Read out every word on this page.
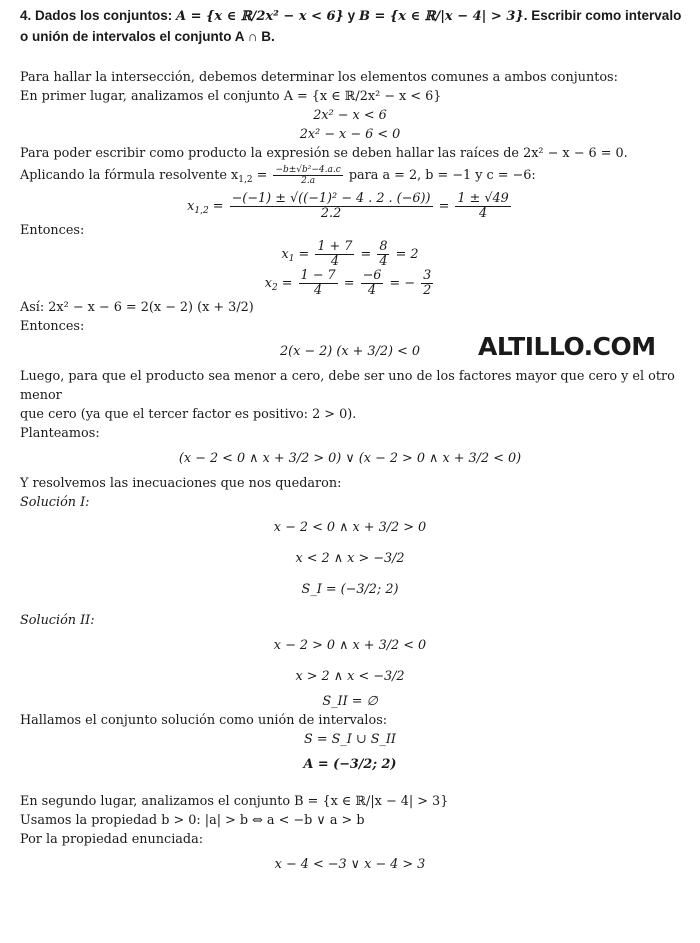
4. Dados los conjuntos: A = {x ∈ ℝ/2x² − x < 6} y B = {x ∈ ℝ/|x − 4| > 3}. Escribir como intervalo
o unión de intervalos el conjunto A ∩ B.
ALTILLO.COM

Para hallar la intersección, debemos determinar los elementos comunes a ambos conjuntos:

En primer lugar, analizamos el conjunto A = {x ∈ ℝ/2x² − x < 6}

2x² − x < 6

2x² − x − 6 < 0

Para poder escribir como producto la expresión se deben hallar las raíces de 2x² − x − 6 = 0.

Aplicando la fórmula resolvente $x_{1,2} = \frac{\text{−b±√b²−4.a.c}}{2.a}$ para a = 2, b = −1 y c = −6:

$x_{1,2} = \frac{\text{−(−1) ± √((−1)² − 4 . 2 . (−6))}}{2.2} = \frac{1 \pm √49}{4}$

Entonces:

$x_1 = \frac{1 + 7}{4} = \frac{8}{4} = 2$

$x_2 = \frac{1 - 7}{4} = \frac{-6}{4}$ = − $\frac{3}{2}$

Así: 2x² − x − 6 = 2(x − 2) (x + 3/2)

Entonces:

2(x − 2) (x + 3/2) < 0

Luego, para que el producto sea menor a cero, debe ser uno de los factores mayor que cero y el otro menor

que cero (ya que el tercer factor es positivo: 2 > 0).

Planteamos:

(x − 2 < 0 ∧ x + 3/2 > 0) ∨ (x − 2 > 0 ∧ x + 3/2 < 0)

Y resolvemos las inecuaciones que nos quedaron:

Solución I:

x − 2 < 0 ∧ x + 3/2 > 0

x < 2 ∧ x > −3/2

S_I = (−3/2; 2)

Solución II:

x − 2 > 0 ∧ x + 3/2 < 0

x > 2 ∧ x < −3/2

S_II = ∅

Hallamos el conjunto solución como unión de intervalos:

S = S_I ∪ S_II

A = (−3/2; 2)

En segundo lugar, analizamos el conjunto B = {x ∈ ℝ/|x − 4| > 3}

Usamos la propiedad b > 0: |a| > b ⇔ a < −b ∨ a > b

Por la propiedad enunciada:

x − 4 < −3 ∨ x − 4 > 3
